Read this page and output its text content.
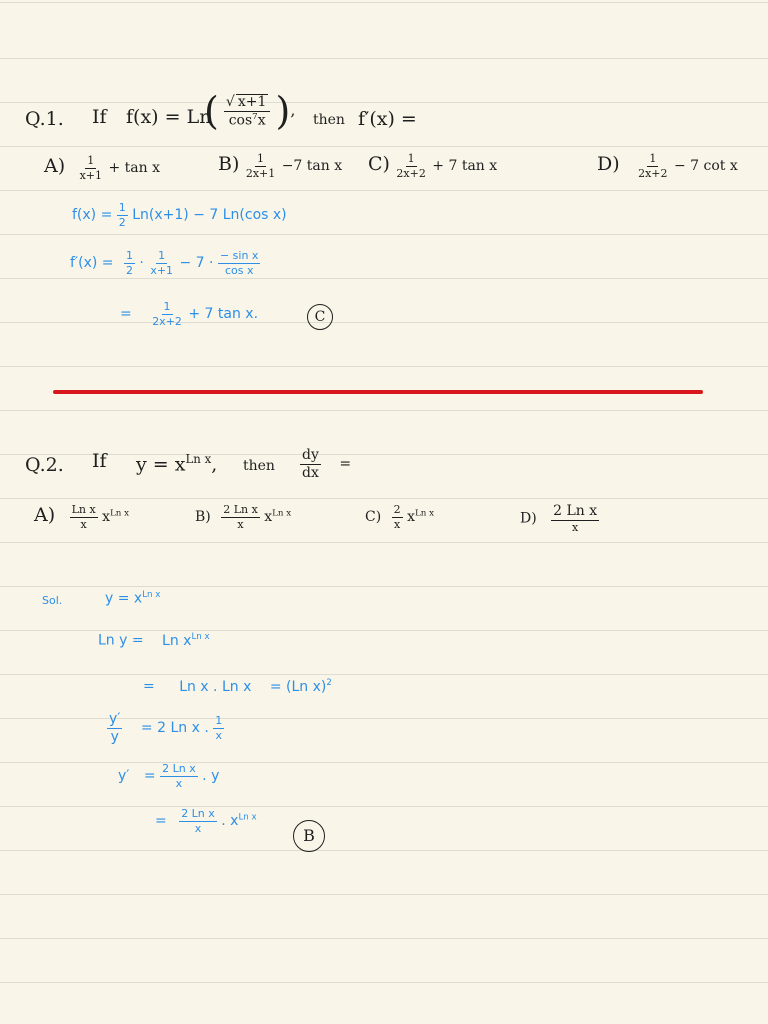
Q.1. If f(x) = Ln
( $\frac{√ x+1}{\cos^7x}$ ),
then f′(x) =
$A) \frac{1}{x+1} + \tan x$	$B) \frac{1}{2x+1} -7$ tan x $C) \frac{1}{2x+2} + 7$ tan x	$D) \frac{1}{2x+2} - 7$ cot x
$f(x) = \frac{1}{2} Ln(x+1) - 7$ Ln(cos x)
$f'(x) = \frac{1}{2} \cdot \frac{1}{x+1} - 7 \cdot \frac{\text{− sin x}}{\text{cos x}}$
= $\frac{1}{2x+2} + 7$ tan x.	C
Q.2. If $y = x^{Ln x}$, then $\frac{dy}{dx}$ =
$A) \frac{\text{Ln x}}{x} x^{Ln x}$	$B) \frac{\text{2 Ln x}}{x} x^{Ln x}$	$C) \frac{2}{x} x^{Ln x}$	$D) \frac{\text{2 Ln x}}{x}$
Sol.	$y = x^{Ln x}$
Ln y = Ln $x^{Ln x}$
= Ln x . Ln x = (Ln x)$^2$
$\frac{y'}{y} = 2$ Ln x . $\frac{1}{x}$
$y' = \frac{\text{2 Ln x}}{x}$ . y
= $\frac{\text{2 Ln x}}{x}$ . $x^{Ln x}$
B
